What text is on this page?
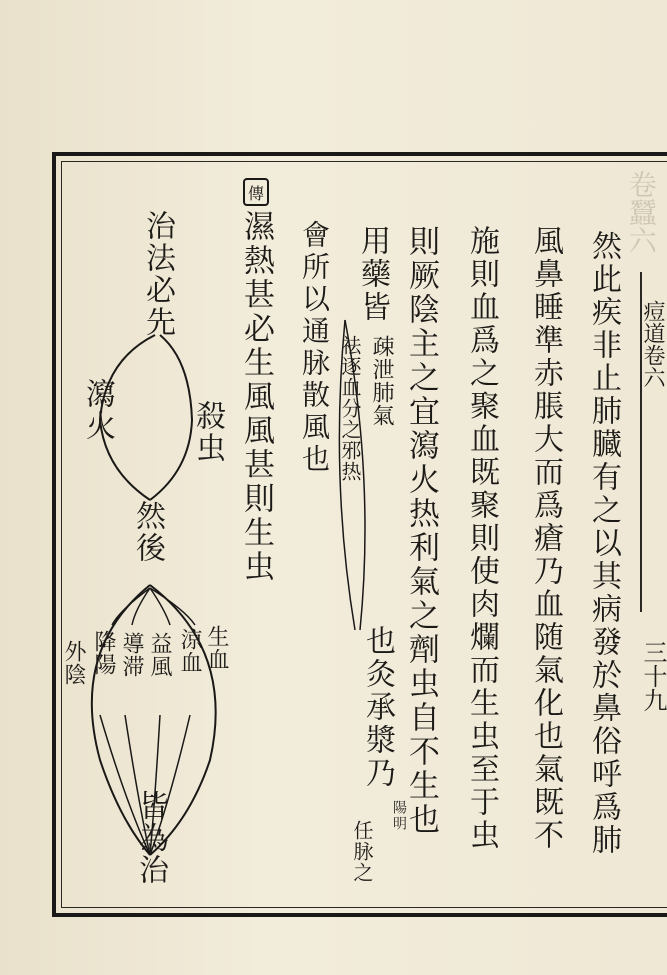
卷蠶六
痘道卷六
三十九
然此疾非止肺臓有之以其病發於鼻俗呼爲肺
風鼻睡準赤脹大而爲瘡乃血随氣化也氣既不
施則血爲之聚血既聚則使肉爛而生虫至于虫
則厥陰主之宜瀉火热利氣之劑虫自不生也
用藥皆
疎泄肺氣
祛逐血分之邪热
也灸承漿乃
陽明
任脉之
會所以通脉散風也
傳
濕熱甚必生風風甚則生虫
治法必先
瀉火	殺虫
然後
生血
涼血
益風
導滞
降陽
外陰
皆為治
